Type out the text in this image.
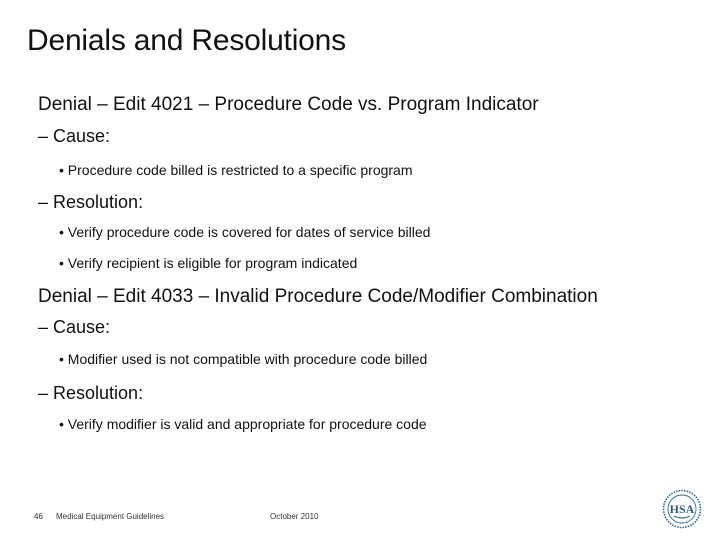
Denials and Resolutions
Denial – Edit 4021 – Procedure Code vs. Program Indicator
– Cause:
• Procedure code billed is restricted to a specific program
– Resolution:
• Verify procedure code is covered for dates of service billed
• Verify recipient is eligible for program indicated
Denial – Edit 4033 – Invalid Procedure Code/Modifier Combination
– Cause:
• Modifier used is not compatible with procedure code billed
– Resolution:
• Verify modifier is valid and appropriate for procedure code
46 Medical Equipment Guidelines	October 2010
HSA
